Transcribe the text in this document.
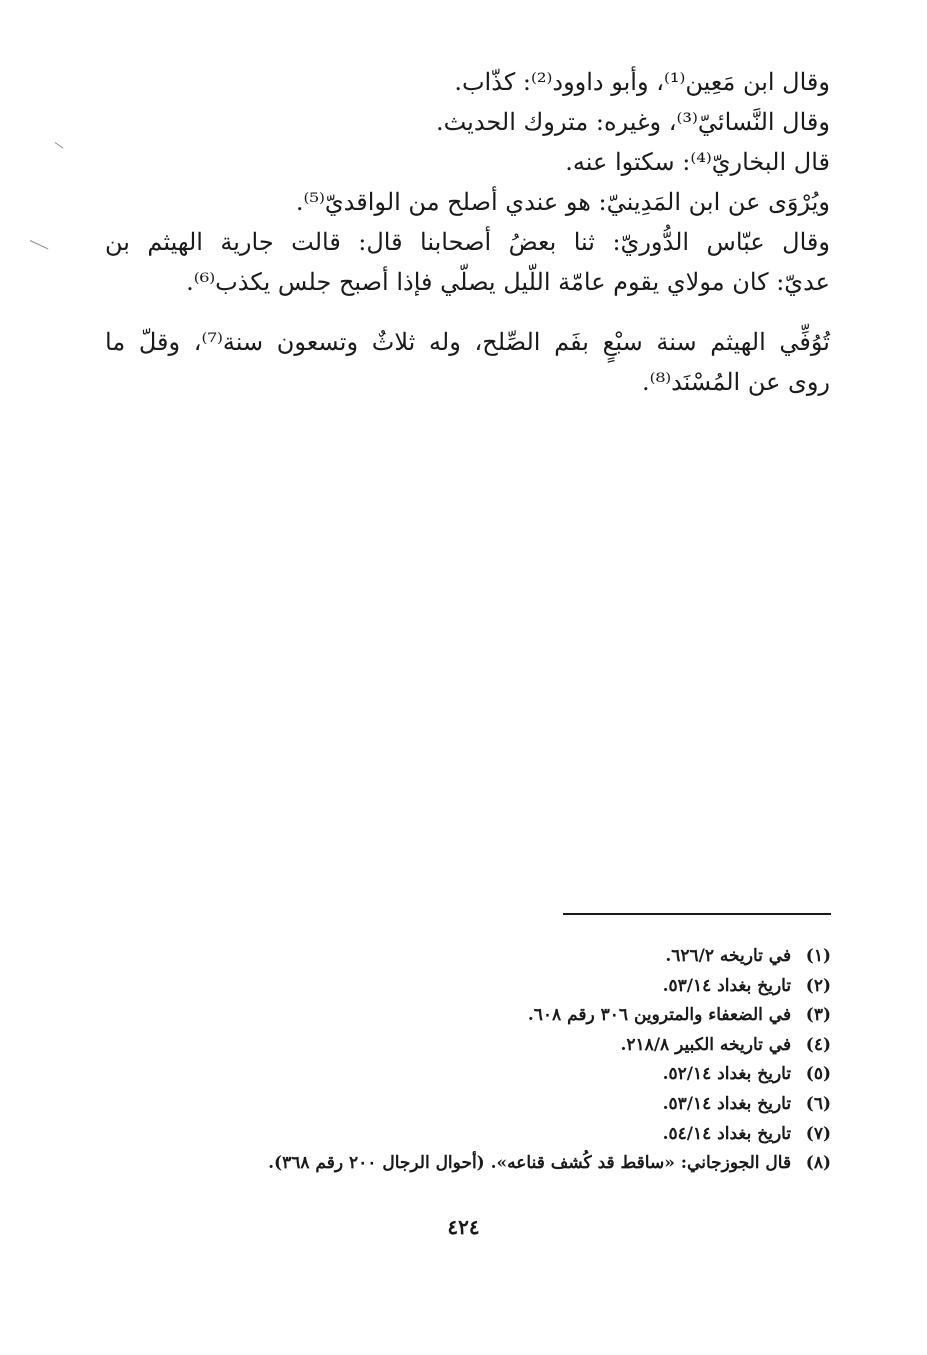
وقال ابن مَعِين⁽¹⁾، وأبو داوود⁽²⁾: كذّاب.
وقال النَّسائيّ⁽³⁾، وغيره: متروك الحديث.
قال البخاريّ⁽⁴⁾: سكتوا عنه.
ويُرْوَى عن ابن المَدِينيّ: هو عندي أصلح من الواقديّ⁽⁵⁾.
وقال عبّاس الدُّوريّ: ثنا بعضُ أصحابنا قال: قالت جارية الهيثم بن
عديّ: كان مولاي يقوم عامّة اللّيل يصلّي فإذا أصبح جلس يكذب⁽⁶⁾.
تُوُفِّي الهيثم سنة سبْعٍ بفَم الصِّلح، وله ثلاثٌ وتسعون سنة⁽⁷⁾، وقلّ ما
روى عن المُسْنَد⁽⁸⁾.
(١) في تاريخه ٦٢٦/٢.
(٢) تاريخ بغداد ٥٣/١٤.
(٣) في الضعفاء والمتروين ٣٠٦ رقم ٦٠٨.
(٤) في تاريخه الكبير ٢١٨/٨.
(٥) تاريخ بغداد ٥٢/١٤.
(٦) تاريخ بغداد ٥٣/١٤.
(٧) تاريخ بغداد ٥٤/١٤.
(٨) قال الجوزجاني: «ساقط قد كُشف قناعه». (أحوال الرجال ٢٠٠ رقم ٣٦٨).
٤٢٤
